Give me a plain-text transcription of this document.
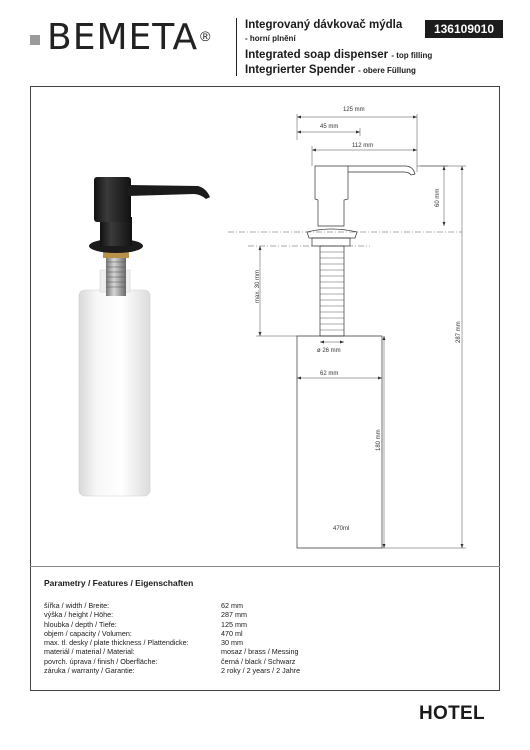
BEMETA ®
Integrovaný dávkovač mýdla
- horní plnění
Integrated soap dispenser - top filling
Integrierter Spender - obere Füllung
136109010
125 mm
45 mm
112 mm
60 mm
max. 30 mm
287 mm
ø 26 mm
62 mm
180 mm
470ml
Parametry / Features / Eigenschaften
šířka / width / Breite:	62 mm
výška / height / Höhe:	287 mm
hloubka / depth / Tiefe:	125 mm
objem / capacity / Volumen:	470 ml
max. tl. desky / plate thickness / Plattendicke:	30 mm
materiál / material / Material:	mosaz / brass / Messing
povrch. úprava / finish / Oberfläche:	černá / black / Schwarz
záruka / warranty / Garantie:	2 roky / 2 years / 2 Jahre
HOTEL
